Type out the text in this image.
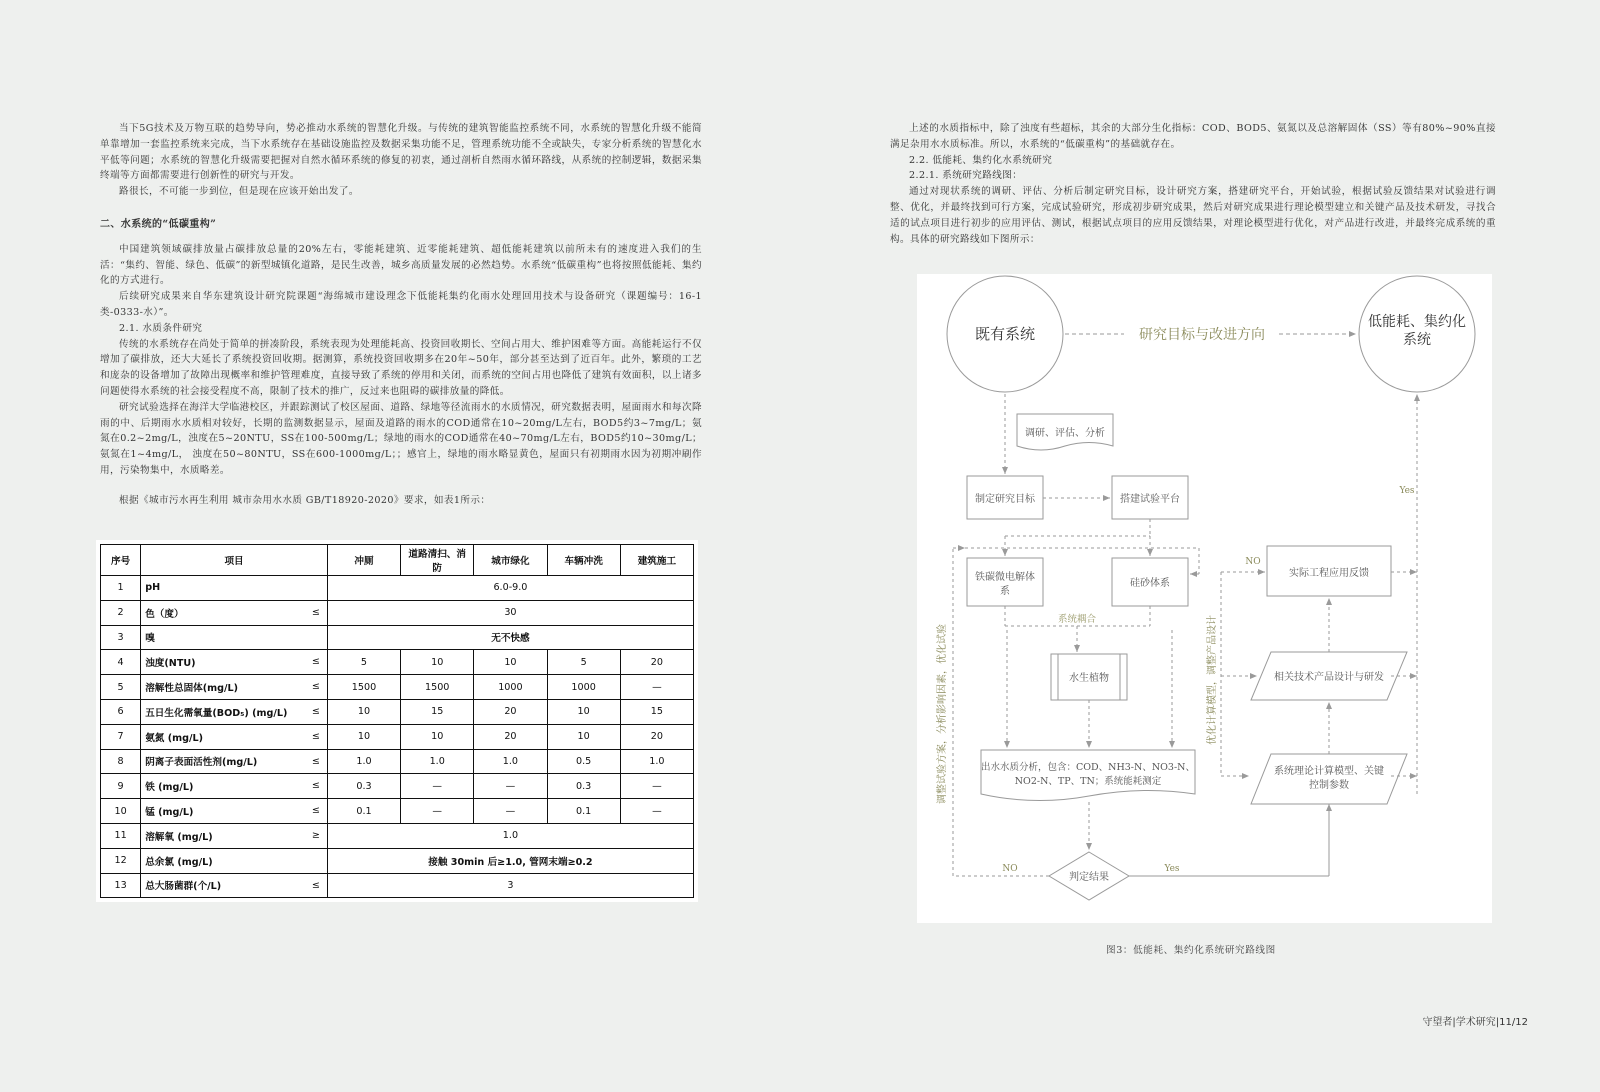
当下5G技术及万物互联的趋势导向，势必推动水系统的智慧化升级。与传统的建筑智能监控系统不同，水系统的智慧化升级不能简单靠增加一套监控系统来完成，当下水系统存在基础设施监控及数据采集功能不足，管理系统功能不全或缺失，专家分析系统的智慧化水平低等问题；水系统的智慧化升级需要把握对自然水循环系统的修复的初衷，通过剖析自然雨水循环路线，从系统的控制逻辑，数据采集终端等方面都需要进行创新性的研究与开发。

路很长，不可能一步到位，但是现在应该开始出发了。

二、水系统的“低碳重构”

中国建筑领域碳排放量占碳排放总量的20%左右，零能耗建筑、近零能耗建筑、超低能耗建筑以前所未有的速度进入我们的生活：“集约、智能、绿色、低碳”的新型城镇化道路，是民生改善，城乡高质量发展的必然趋势。水系统“低碳重构”也将按照低能耗、集约化的方式进行。

后续研究成果来自华东建筑设计研究院课题“海绵城市建设理念下低能耗集约化雨水处理回用技术与设备研究（课题编号：16-1类-0333-水）”。

2.1. 水质条件研究

传统的水系统存在尚处于简单的拼凑阶段，系统表现为处理能耗高、投资回收期长、空间占用大、维护困难等方面。高能耗运行不仅增加了碳排放，还大大延长了系统投资回收期。据测算，系统投资回收期多在20年~50年，部分甚至达到了近百年。此外，繁琐的工艺和庞杂的设备增加了故障出现概率和维护管理难度，直接导致了系统的停用和关闭，而系统的空间占用也降低了建筑有效面积，以上诸多问题使得水系统的社会接受程度不高，限制了技术的推广，反过来也阻碍的碳排放量的降低。

研究试验选择在海洋大学临港校区，并跟踪测试了校区屋面、道路、绿地等径流雨水的水质情况，研究数据表明，屋面雨水和每次降雨的中、后期雨水水质相对较好，长期的监测数据显示，屋面及道路的雨水的COD通常在10~20mg/L左右，BOD5约3~7mg/L；氨氮在0.2~2mg/L，浊度在5~20NTU，SS在100-500mg/L；绿地的雨水的COD通常在40~70mg/L左右，BOD5约10~30mg/L；氨氮在1~4mg/L， 浊度在50~80NTU，SS在600-1000mg/L；；感官上，绿地的雨水略显黄色，屋面只有初期雨水因为初期冲刷作用，污染物集中，水质略差。

根据《城市污水再生利用 城市杂用水水质 GB/T18920-2020》要求，如表1所示：

序号	项目	冲厕	道路清扫、消防	城市绿化	车辆冲洗	建筑施工
1	pH	6.0-9.0				
2	色（度） ≤	30				
3	嗅	无不快感				
4	浊度(NTU) ≤	5	10	10	5	20
5	溶解性总固体(mg/L) ≤	1500	1500	1000	1000	—
6	五日生化需氧量(BOD₅) (mg/L) ≤	10	15	20	10	15
7	氨氮 (mg/L) ≤	10	10	20	10	20
8	阴离子表面活性剂(mg/L) ≤	1.0	1.0	1.0	0.5	1.0
9	铁 (mg/L) ≤	0.3	—	—	0.3	—
10	锰 (mg/L) ≤	0.1	—	—	0.1	—
11	溶解氧 (mg/L) ≥	1.0				
12	总余氯 (mg/L)	接触 30min 后≥1.0, 管网末端≥0.2				
13	总大肠菌群(个/L) ≤	3				

上述的水质指标中，除了浊度有些超标，其余的大部分生化指标：COD、BOD5、氨氮以及总溶解固体（SS）等有80%~90%直接满足杂用水水质标准。所以，水系统的“低碳重构”的基础就存在。

2.2. 低能耗、集约化水系统研究

2.2.1. 系统研究路线图：

通过对现状系统的调研、评估、分析后制定研究目标，设计研究方案，搭建研究平台，开始试验，根据试验反馈结果对试验进行调整、优化，并最终找到可行方案，完成试验研究，形成初步研究成果，然后对研究成果进行理论模型建立和关键产品及技术研发，寻找合适的试点项目进行初步的应用评估、测试，根据试点项目的应用反馈结果，对理论模型进行优化，对产品进行改进，并最终完成系统的重构。具体的研究路线如下图所示：

既有系统
低能耗、集约化
系统
研究目标与改进方向
调研、评估、分析
制定研究目标	搭建试验平台
铁碳微电解体
系
硅砂体系
系统耦合
水生植物
出水水质分析，包含：COD、NH3-N、NO3-N、
NO2-N、TP、TN；系统能耗测定
判定结果
NO	Yes
调整试验方案，分析影响因素，优化试验
实际工程应用反馈
相关技术产品设计与研发
系统理论计算模型、关键
控制参数
优化计算模型，调整产品设计
NO
Yes
图3：低能耗、集约化系统研究路线图
守望者|学术研究|11/12
